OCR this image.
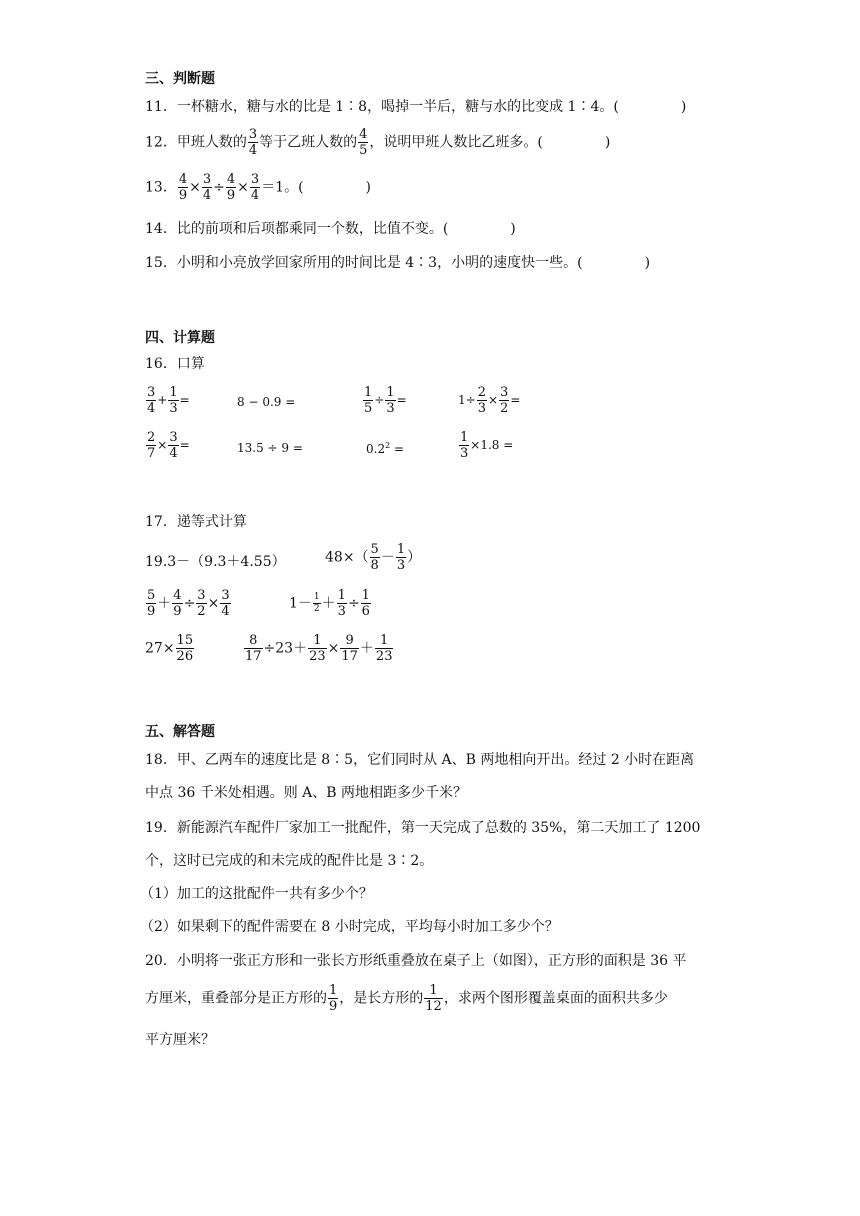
三、判断题
11．一杯糖水，糖与水的比是 1∶8，喝掉一半后，糖与水的比变成 1∶4。(	)
12．甲班人数的 $\frac{3}{4}$ 等于乙班人数的 $\frac{4}{5}$ ，说明甲班人数比乙班多。(	)
13． $\frac{4}{9} \times \frac{3}{4} \div \frac{4}{9} \times \frac{3}{4} =1$。(	)
14．比的前项和后项都乘同一个数，比值不变。(	)
15．小明和小亮放学回家所用的时间比是 4∶3，小明的速度快一些。(	)
四、计算题
16．口算
$\frac{3}{4} + \frac{1}{3}$ =	8 − 0.9 =	$\frac{1}{5} \div \frac{1}{3}$ =	$1\div \frac{2}{3} \times \frac{3}{2}$ =
$\frac{2}{7} \times \frac{3}{4}$ =	13.5 ÷ 9 =	$0.2^2$ =	$\frac{1}{3} \times 1.8$ =
17．递等式计算
19.3－（9.3＋4.55）	$48\times( \frac{5}{8} - \frac{1}{3}$ ）
$\frac{5}{9} + \frac{4}{9} \div \frac{3}{2} \times \frac{3}{4}$	$1- \frac{1}{2} + \frac{1}{3} \div \frac{1}{6}$
$27\times \frac{15}{26}$	$\frac{8}{17} \div 23+ \frac{1}{23} \times \frac{9}{17} + \frac{1}{23}$
五、解答题
18．甲、乙两车的速度比是 8∶5，它们同时从 A、B 两地相向开出。经过 2 小时在距离
中点 36 千米处相遇。则 A、B 两地相距多少千米？
19．新能源汽车配件厂家加工一批配件，第一天完成了总数的 35%，第二天加工了 1200
个，这时已完成的和未完成的配件比是 3∶2。
（1）加工的这批配件一共有多少个？
（2）如果剩下的配件需要在 8 小时完成，平均每小时加工多少个？
20．小明将一张正方形和一张长方形纸重叠放在桌子上（如图），正方形的面积是 36 平
方厘米，重叠部分是正方形的 $\frac{1}{9}$ ，是长方形的 $\frac{1}{12}$ ，求两个图形覆盖桌面的面积共多少
平方厘米？
